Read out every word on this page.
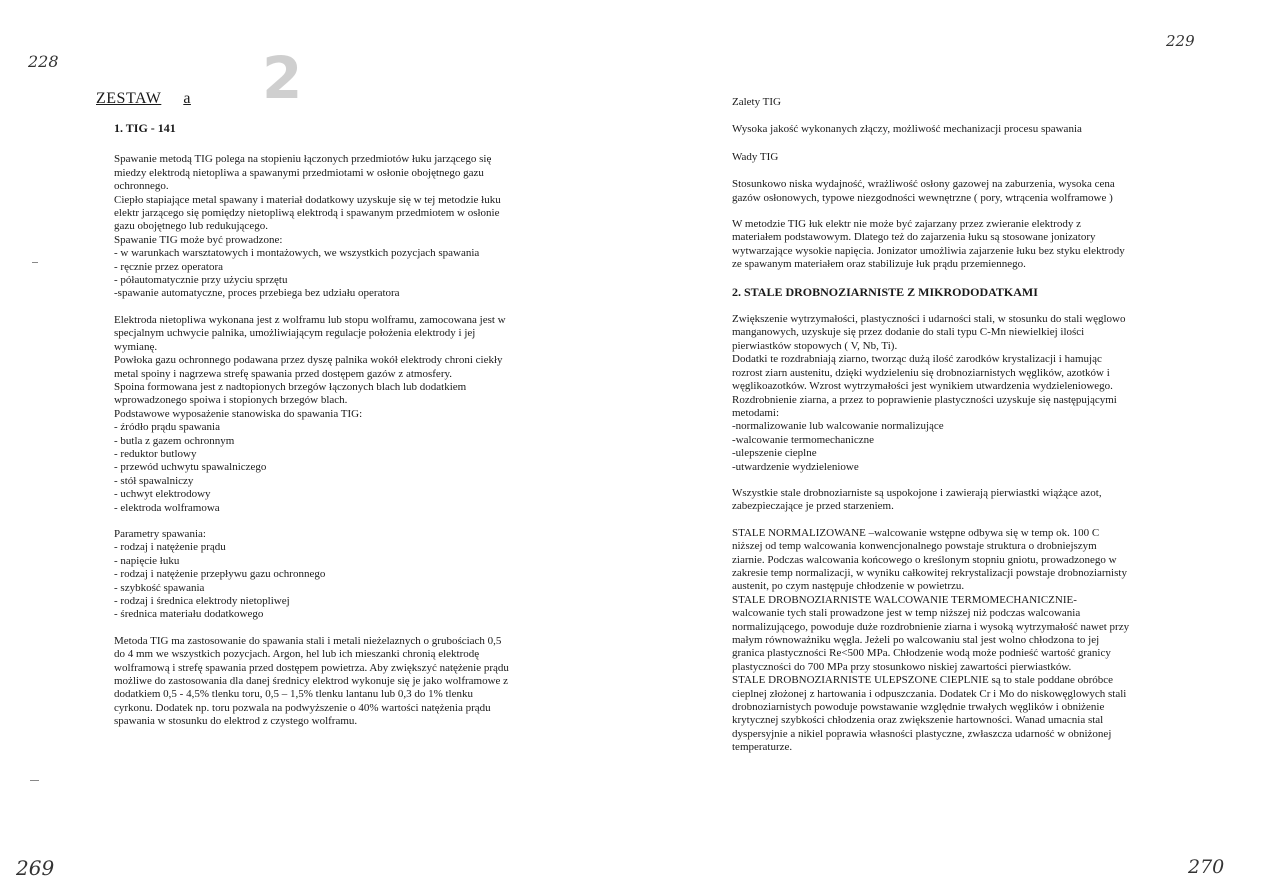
228
229
269	270
2
ZESTAW a
1. TIG - 141

Spawanie metodą TIG polega na stopieniu łączonych przedmiotów łuku jarzącego się
miedzy elektrodą nietopliwa a spawanymi przedmiotami w osłonie obojętnego gazu
ochronnego.
Ciepło stapiające metal spawany i materiał dodatkowy uzyskuje się w tej metodzie łuku
elektr jarzącego się pomiędzy nietopliwą elektrodą i spawanym przedmiotem w osłonie
gazu obojętnego lub redukującego.
Spawanie TIG może być prowadzone:
- w warunkach warsztatowych i montażowych, we wszystkich pozycjach spawania
- ręcznie przez operatora
- półautomatycznie przy użyciu sprzętu
-spawanie automatyczne, proces przebiega bez udziału operatora

Elektroda nietopliwa wykonana jest z wolframu lub stopu wolframu, zamocowana jest w
specjalnym uchwycie palnika, umożliwiającym regulacje położenia elektrody i jej
wymianę.
Powłoka gazu ochronnego podawana przez dyszę palnika wokół elektrody chroni ciekły
metal spoiny i nagrzewa strefę spawania przed dostępem gazów z atmosfery.
Spoina formowana jest z nadtopionych brzegów łączonych blach lub dodatkiem
wprowadzonego spoiwa i stopionych brzegów blach.
Podstawowe wyposażenie stanowiska do spawania TIG:
- źródło prądu spawania
- butla z gazem ochronnym
- reduktor butlowy
- przewód uchwytu spawalniczego
- stół spawalniczy
- uchwyt elektrodowy
- elektroda wolframowa

Parametry spawania:
- rodzaj i natężenie prądu
- napięcie łuku
- rodzaj i natężenie przepływu gazu ochronnego
- szybkość spawania
- rodzaj i średnica elektrody nietopliwej
- średnica materiału dodatkowego

Metoda TIG ma zastosowanie do spawania stali i metali nieżelaznych o grubościach 0,5
do 4 mm we wszystkich pozycjach. Argon, hel lub ich mieszanki chronią elektrodę
wolframową i strefę spawania przed dostępem powietrza. Aby zwiększyć natężenie prądu
możliwe do zastosowania dla danej średnicy elektrod wykonuje się je jako wolframowe z
dodatkiem 0,5 - 4,5% tlenku toru, 0,5 – 1,5% tlenku lantanu lub 0,3 do 1% tlenku
cyrkonu. Dodatek np. toru pozwala na podwyższenie o 40% wartości natężenia prądu
spawania w stosunku do elektrod z czystego wolframu.

Zalety TIG

Wysoka jakość wykonanych złączy, możliwość mechanizacji procesu spawania

Wady TIG

Stosunkowo niska wydajność, wrażliwość osłony gazowej na zaburzenia, wysoka cena
gazów osłonowych, typowe niezgodności wewnętrzne ( pory, wtrącenia wolframowe )

W metodzie TIG łuk elektr nie może być zajarzany przez zwieranie elektrody z
materiałem podstawowym. Dlatego też do zajarzenia łuku są stosowane jonizatory
wytwarzające wysokie napięcia. Jonizator umożliwia zajarzenie łuku bez styku elektrody
ze spawanym materiałem oraz stabilizuje łuk prądu przemiennego.

2. STALE DROBNOZIARNISTE Z MIKRODODATKAMI

Zwiększenie wytrzymałości, plastyczności i udarności stali, w stosunku do stali węglowo
manganowych, uzyskuje się przez dodanie do stali typu C-Mn niewielkiej ilości
pierwiastków stopowych ( V, Nb, Ti).
Dodatki te rozdrabniają ziarno, tworząc dużą ilość zarodków krystalizacji i hamując
rozrost ziarn austenitu, dzięki wydzieleniu się drobnoziarnistych węglików, azotków i
węglikoazotków. Wzrost wytrzymałości jest wynikiem utwardzenia wydzieleniowego.
Rozdrobnienie ziarna, a przez to poprawienie plastyczności uzyskuje się następującymi
metodami:
-normalizowanie lub walcowanie normalizujące
-walcowanie termomechaniczne
-ulepszenie cieplne
-utwardzenie wydzieleniowe

Wszystkie stale drobnoziarniste są uspokojone i zawierają pierwiastki wiążące azot,
zabezpieczające je przed starzeniem.

STALE NORMALIZOWANE –walcowanie wstępne odbywa się w temp ok. 100 C
niższej od temp walcowania konwencjonalnego powstaje struktura o drobniejszym
ziarnie. Podczas walcowania końcowego o kreślonym stopniu gniotu, prowadzonego w
zakresie temp normalizacji, w wyniku całkowitej rekrystalizacji powstaje drobnoziarnisty
austenit, po czym następuje chłodzenie w powietrzu.
STALE DROBNOZIARNISTE WALCOWANIE TERMOMECHANICZNIE-
walcowanie tych stali prowadzone jest w temp niższej niż podczas walcowania
normalizującego, powoduje duże rozdrobnienie ziarna i wysoką wytrzymałość nawet przy
małym równoważniku węgla. Jeżeli po walcowaniu stal jest wolno chłodzona to jej
granica plastyczności Re<500 MPa. Chłodzenie wodą może podnieść wartość granicy
plastyczności do 700 MPa przy stosunkowo niskiej zawartości pierwiastków.
STALE DROBNOZIARNISTE ULEPSZONE CIEPLNIE są to stale poddane obróbce
cieplnej złożonej z hartowania i odpuszczania. Dodatek Cr i Mo do niskowęglowych stali
drobnoziarnistych powoduje powstawanie względnie trwałych węglików i obniżenie
krytycznej szybkości chłodzenia oraz zwiększenie hartowności. Wanad umacnia stal
dyspersyjnie a nikiel poprawia własności plastyczne, zwłaszcza udarność w obniżonej
temperaturze.
